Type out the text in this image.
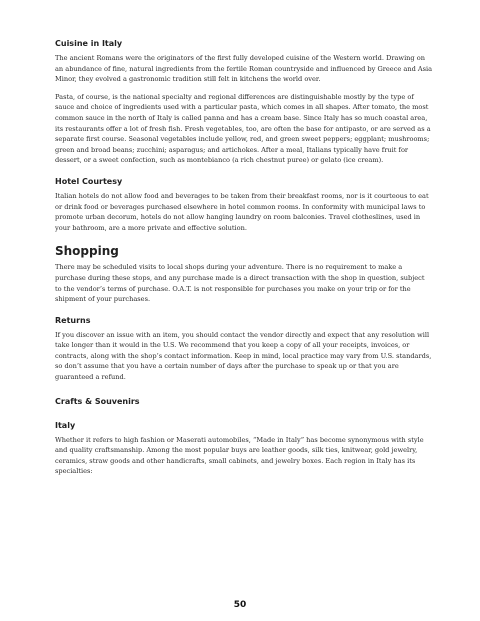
Cuisine in Italy

The ancient Romans were the originators of the first fully developed cuisine of the Western world. Drawing on an abundance of fine, natural ingredients from the fertile Roman countryside and influenced by Greece and Asia Minor, they evolved a gastronomic tradition still felt in kitchens the world over.

Pasta, of course, is the national specialty and regional differences are distinguishable mostly by the type of sauce and choice of ingredients used with a particular pasta, which comes in all shapes. After tomato, the most common sauce in the north of Italy is called panna and has a cream base. Since Italy has so much coastal area, its restaurants offer a lot of fresh fish. Fresh vegetables, too, are often the base for antipasto, or are served as a separate first course. Seasonal vegetables include yellow, red, and green sweet peppers; eggplant; mushrooms; green and broad beans; zucchini; asparagus; and artichokes. After a meal, Italians typically have fruit for dessert, or a sweet confection, such as montebianco (a rich chestnut puree) or gelato (ice cream).

Hotel Courtesy

Italian hotels do not allow food and beverages to be taken from their breakfast rooms, nor is it courteous to eat or drink food or beverages purchased elsewhere in hotel common rooms. In conformity with municipal laws to promote urban decorum, hotels do not allow hanging laundry on room balconies. Travel clotheslines, used in your bathroom, are a more private and effective solution.

Shopping

There may be scheduled visits to local shops during your adventure. There is no requirement to make a purchase during these stops, and any purchase made is a direct transaction with the shop in question, subject to the vendor’s terms of purchase. O.A.T. is not responsible for purchases you make on your trip or for the shipment of your purchases.

Returns

If you discover an issue with an item, you should contact the vendor directly and expect that any resolution will take longer than it would in the U.S. We recommend that you keep a copy of all your receipts, invoices, or contracts, along with the shop’s contact information. Keep in mind, local practice may vary from U.S. standards, so don’t assume that you have a certain number of days after the purchase to speak up or that you are guaranteed a refund.

Crafts & Souvenirs
Italy

Whether it refers to high fashion or Maserati automobiles, “Made in Italy” has become synonymous with style and quality craftsmanship. Among the most popular buys are leather goods, silk ties, knitwear, gold jewelry, ceramics, straw goods and other handicrafts, small cabinets, and jewelry boxes. Each region in Italy has its specialties:

50
